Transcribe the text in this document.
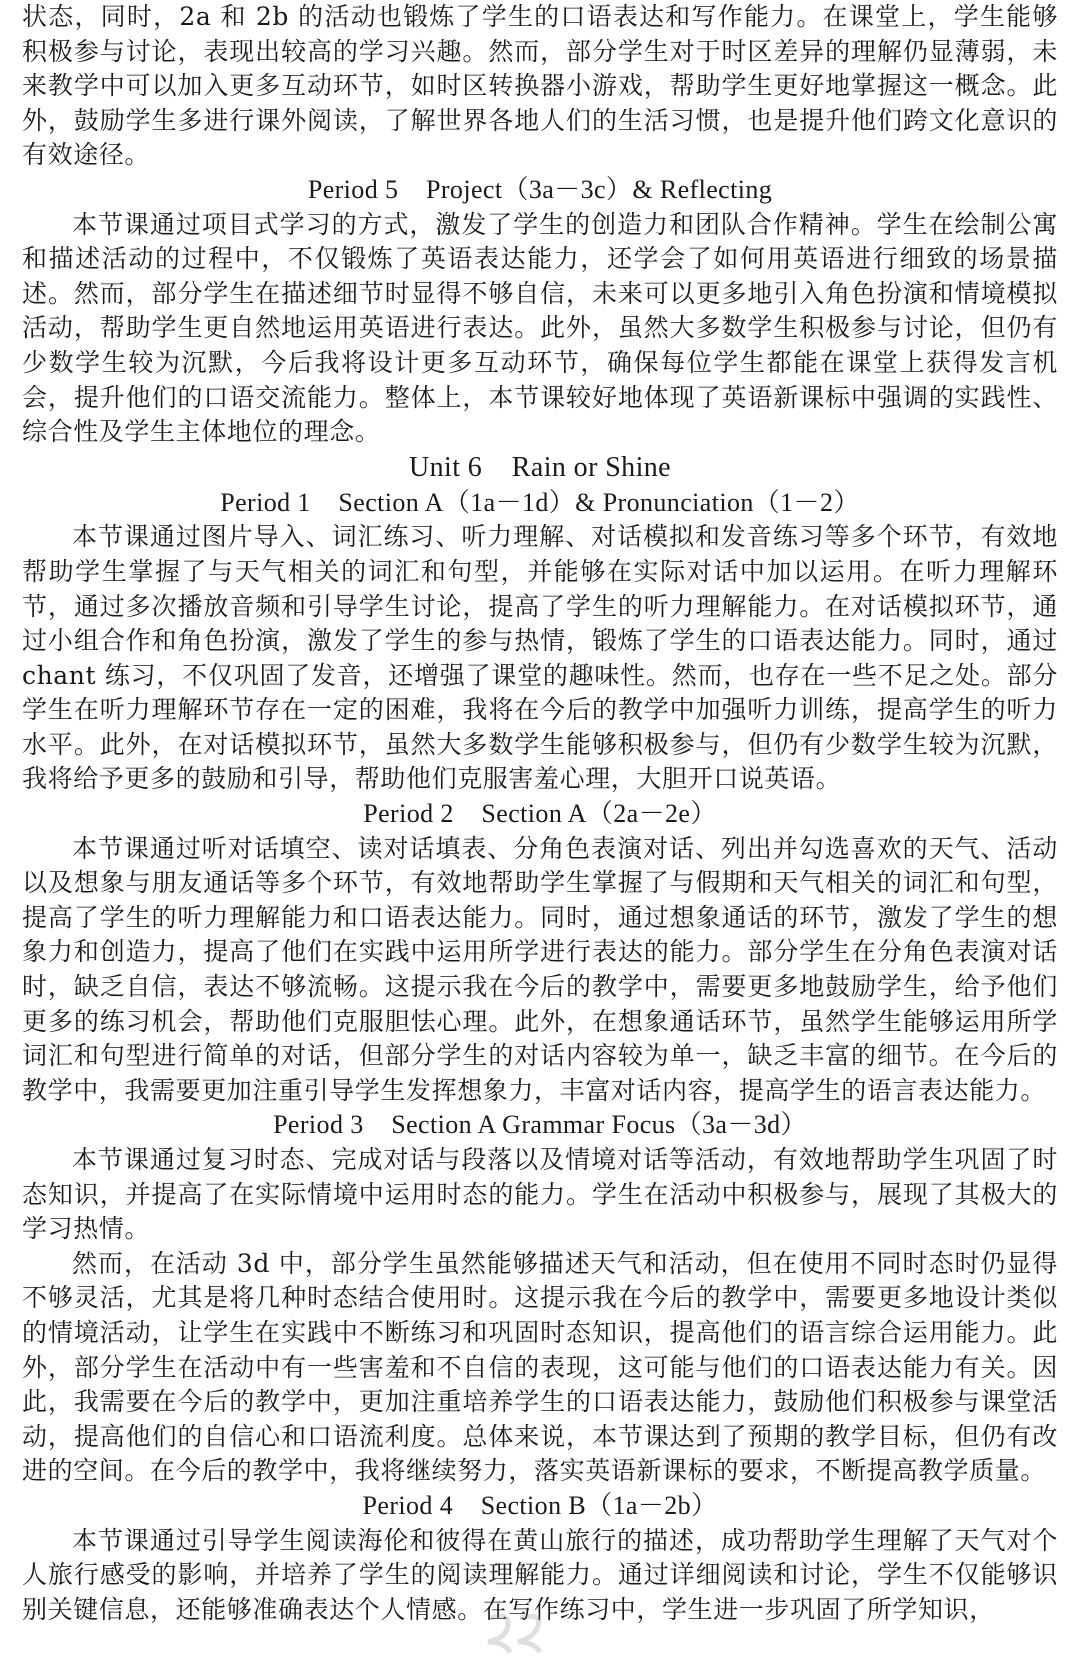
状态，同时，2a 和 2b 的活动也锻炼了学生的口语表达和写作能力。在课堂上，学生能够积极参与讨论，表现出较高的学习兴趣。然而，部分学生对于时区差异的理解仍显薄弱，未来教学中可以加入更多互动环节，如时区转换器小游戏，帮助学生更好地掌握这一概念。此外，鼓励学生多进行课外阅读，了解世界各地人们的生活习惯，也是提升他们跨文化意识的有效途径。

Period 5    Project（3a－3c）& Reflecting

本节课通过项目式学习的方式，激发了学生的创造力和团队合作精神。学生在绘制公寓和描述活动的过程中，不仅锻炼了英语表达能力，还学会了如何用英语进行细致的场景描述。然而，部分学生在描述细节时显得不够自信，未来可以更多地引入角色扮演和情境模拟活动，帮助学生更自然地运用英语进行表达。此外，虽然大多数学生积极参与讨论，但仍有少数学生较为沉默，今后我将设计更多互动环节，确保每位学生都能在课堂上获得发言机会，提升他们的口语交流能力。整体上，本节课较好地体现了英语新课标中强调的实践性、综合性及学生主体地位的理念。

Unit 6    Rain or Shine

Period 1    Section A（1a－1d）& Pronunciation（1－2）

本节课通过图片导入、词汇练习、听力理解、对话模拟和发音练习等多个环节，有效地帮助学生掌握了与天气相关的词汇和句型，并能够在实际对话中加以运用。在听力理解环节，通过多次播放音频和引导学生讨论，提高了学生的听力理解能力。在对话模拟环节，通过小组合作和角色扮演，激发了学生的参与热情，锻炼了学生的口语表达能力。同时，通过 chant 练习，不仅巩固了发音，还增强了课堂的趣味性。然而，也存在一些不足之处。部分学生在听力理解环节存在一定的困难，我将在今后的教学中加强听力训练，提高学生的听力水平。此外，在对话模拟环节，虽然大多数学生能够积极参与，但仍有少数学生较为沉默，我将给予更多的鼓励和引导，帮助他们克服害羞心理，大胆开口说英语。

Period 2    Section A（2a－2e）

本节课通过听对话填空、读对话填表、分角色表演对话、列出并勾选喜欢的天气、活动以及想象与朋友通话等多个环节，有效地帮助学生掌握了与假期和天气相关的词汇和句型，提高了学生的听力理解能力和口语表达能力。同时，通过想象通话的环节，激发了学生的想象力和创造力，提高了他们在实践中运用所学进行表达的能力。部分学生在分角色表演对话时，缺乏自信，表达不够流畅。这提示我在今后的教学中，需要更多地鼓励学生，给予他们更多的练习机会，帮助他们克服胆怯心理。此外，在想象通话环节，虽然学生能够运用所学词汇和句型进行简单的对话，但部分学生的对话内容较为单一，缺乏丰富的细节。在今后的教学中，我需要更加注重引导学生发挥想象力，丰富对话内容，提高学生的语言表达能力。

Period 3    Section A Grammar Focus（3a－3d）

本节课通过复习时态、完成对话与段落以及情境对话等活动，有效地帮助学生巩固了时态知识，并提高了在实际情境中运用时态的能力。学生在活动中积极参与，展现了其极大的学习热情。

然而，在活动 3d 中，部分学生虽然能够描述天气和活动，但在使用不同时态时仍显得不够灵活，尤其是将几种时态结合使用时。这提示我在今后的教学中，需要更多地设计类似的情境活动，让学生在实践中不断练习和巩固时态知识，提高他们的语言综合运用能力。此外，部分学生在活动中有一些害羞和不自信的表现，这可能与他们的口语表达能力有关。因此，我需要在今后的教学中，更加注重培养学生的口语表达能力，鼓励他们积极参与课堂活动，提高他们的自信心和口语流利度。总体来说，本节课达到了预期的教学目标，但仍有改进的空间。在今后的教学中，我将继续努力，落实英语新课标的要求，不断提高教学质量。

Period 4    Section B（1a－2b）

本节课通过引导学生阅读海伦和彼得在黄山旅行的描述，成功帮助学生理解了天气对个人旅行感受的影响，并培养了学生的阅读理解能力。通过详细阅读和讨论，学生不仅能够识别关键信息，还能够准确表达个人情感。在写作练习中，学生进一步巩固了所学知识，
